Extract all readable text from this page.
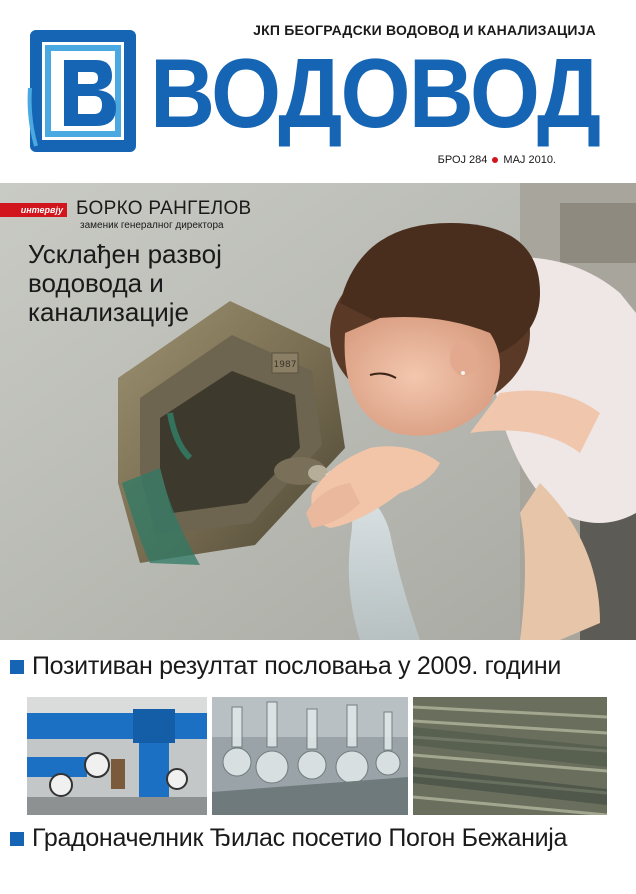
ЈКП БЕОГРАДСКИ ВОДОВОД И КАНАЛИЗАЦИЈА
ВОДОВОД
БРОЈ 284 МАЈ 2010.
1987
интервју БОРКО РАНГЕЛОВ
заменик генералног директора
Усклађен развој
водовода и
канализације
Позитиван резултат пословања у 2009. години
Градоначелник Ђилас посетио Погон Бежанија
